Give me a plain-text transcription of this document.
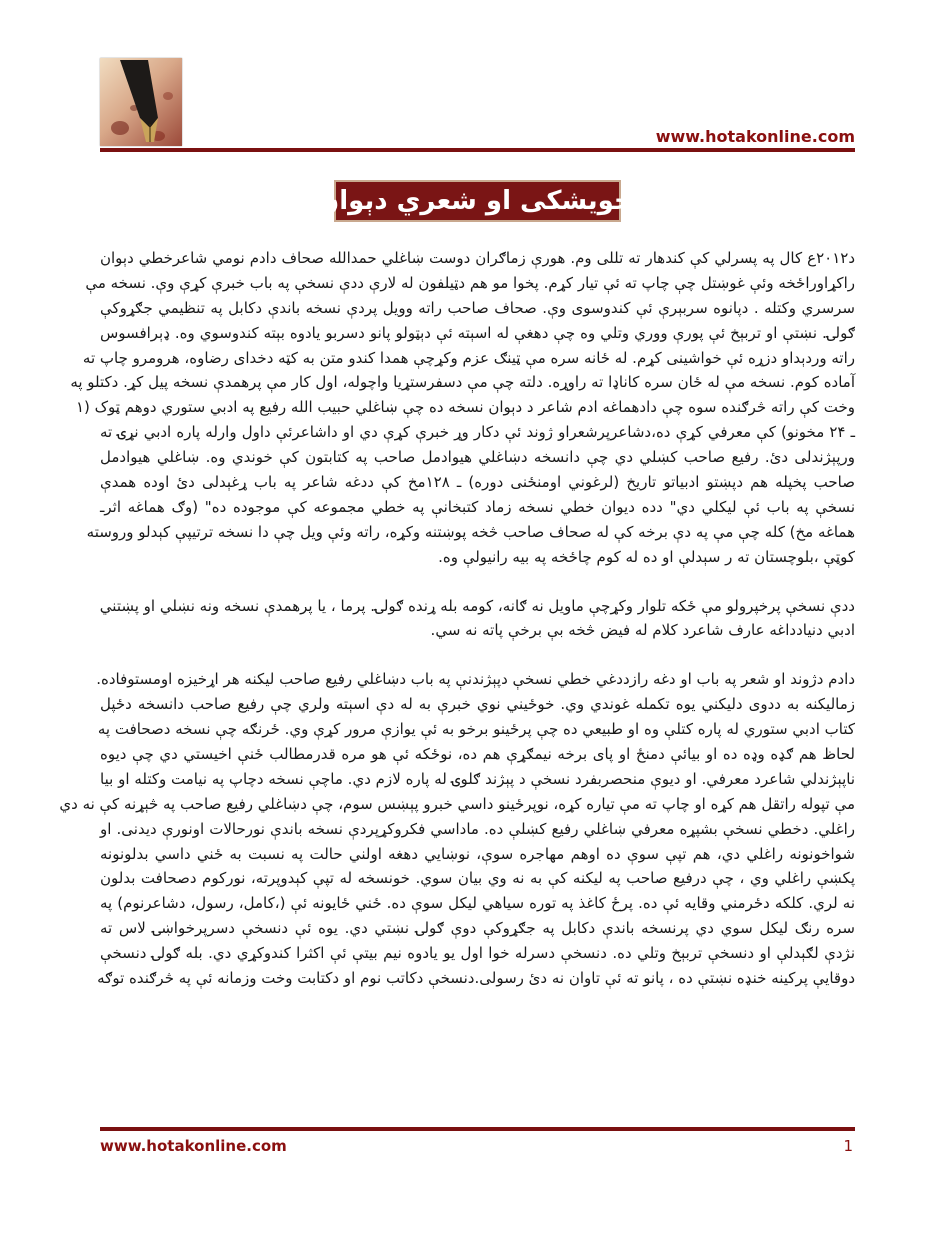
www.hotakonline.com
ادم خویشکی او شعري دېوان ئې
د۲۰۱۲ع کال په پسرلي کې کندهار ته تللی وم. هورې زماګران دوست ښاغلي حمدالله صحاف دادم نومي شاعرخطي دېوان
راکړاوراځخه وئې غوښتل چې چاپ ته ئې تیار کړم. پخوا مو هم دټیلفون له لارې ددې نسخې په باب خبرې کړې وې. نسخه مې
سرسري وکتله . دپانوه سربېرې ئې کندوسوی وې. صحاف صاحب راته وویل پردې نسخه باندې دکابل په تنظیمي جګړوکې
ګولۍ. نښتې او تربېخ ئې پورې ووري وتلي وه چې دهغې له اسېته ئې دېټولو پانو دسربو يادوه بېته کندوسوي وه. ډېرافسوس
راته وردېداو دزړه ئې خواشینی کړم. له ځانه سره مې ټینګ عزم وکړچې همدا کندو متن به کټه دخدای رضاوه، هرومرو چاپ ته
آماده کوم. نسخه مې له ځان سره کاناډا ته راوړه. دلته چې مې دسفرستړیا واچوله، اول کار مې پرهمدې نسخه پیل کړ. دکتلو په
وخت کې راته څرګنده سوه چې دادهماغه ادم شاعر د دېوان نسخه ده چې ښاغلي حبیب الله رفیع په ادبي ستوري دوهم ټوک (۱
ـ ۲۴ مخونو) کې معرفي کړې ده،دشاعرپرشعراو ژوند ئې دکار وړ خبرې کړې دي او داشاعرئې داول وارله پاره ادبي نړۍ ته
ورپېژندلی دئ. رفیع صاحب کښلي دي چې دانسخه دښاغلي هیوادمل صاحب په کتابتون کې خوندي وه. ښاغلي هیوادمل
صاحب پخپله هم دپښتو ادبیاتو تاریخ (لرغوني اومنځنی دوره) ـ ۱۲۸مخ کې ددغه شاعر په باب ړغېدلی دئ اوده همدې
نسخې په باب ئې لیکلي دي" دده دیوان خطي نسخه زماد کتبخانې په خطي مجموعه کې موجوده ده" (وګ هماغه اثرـ
هماغه مخ) کله چې مې په دې برخه کې له صحاف صاحب څخه پوښتنه وکړه، راته وئې ویل چې دا نسخه ترتیپې کېدلو وروسته
کوټې ،بلوچستان ته ر سېدلې او ده له کوم چاځخه په بیه رانیولې وه.
ددې نسخې پرخپرولو مې ځکه تلوار وکړچې ماویل نه ګانه، کومه بله ړنده ګولۍ. پرما ، یا پرهمدې نسخه ونه نښلي او پښتني
ادبي دنیادداغه عارف شاعرد کلام له فیض څخه بې برخې پاته نه سي.
دادم دژوند او شعر په باب او دغه رازددغي خطي نسخې دپېژندنې په باب دښاغلي رفیع صاحب لیکنه هر اړخیزه اومستوفاده.
زمالیکنه به ددوی دلیکني یوه تکمله غوندي وي. خوځیني نوي خبرې به له دې اسېته ولري چې رفیع صاحب دانسخه دځپل
کتاب ادبي ستوري له پاره کتلې وه او طبیعي ده چې پرځینو برخو به ئې یوازې مرور کړې وي. ځرنګه چې نسخه دصحافت په
لحاظ هم ګډه وډه ده او بیائې دمنځ او پای برخه نیمګړې هم ده، نوځکه ئې هو مره قدرمطالب ځنې اخیستي دي چې دیوه
ناپېژندلي شاعرد معرفي. او دیوې منحصربفرد نسخې د پېژند ګلوۍ له پاره لازم دي. ماچې نسخه دچاپ په نیامت وکتله او بیا
مې تپوله راتقل هم کړه او چاپ ته مې تیاره کړه، نوپرځینو داسي خبرو پېښس سوم، چې دښاغلي رفیع صاحب په څېړنه کې نه دي
راغلي. دخطي نسخې بشپړه معرفي ښاغلي رفیع کښلې ده. ماداسي فکروکړپردې نسخه باندې نورحالات اونورې دیدنی. او
شواخونونه راغلي دي، هم تپې سوې ده اوهم مهاجره سوې، نوښايي دهغه اولني حالت په نسبت به ځني داسي بدلونونه
پکښې راغلي وي ، چې درفیع صاحب په لیکنه کې به نه وي بیان سوي. خونسخه له تپې کېدوپرته، نورکوم دصحافت بدلون
نه لري. کلکه دځرمني وقایه ئې ده. پرځ کاغذ په توره سیاهي لیکل سوې ده. ځني ځایونه ئې (،کامل، رسول، دشاعرنوم) په
سره رنګ لیکل سوي دي پرنسخه باندې دکابل په جګړوکې دوې ګولۍ نښتي دي. یوه ئې دنسخې دسرپرخواښۍ لاس ته
نژدې لګېدلې او دنسخې تربېخ وتلي ده. دنسخې دسرله خوا اول یو یادوه نیم بیتې ئې اکثرا کندوکړي دي. بله ګولۍ دنسخې
دوقایې پرکینه خنډه نښتې ده ، پانو ته ئې تاوان نه دئ رسولی.دنسخې دکاتب نوم او دکتابت وخت وزمانه ئې په څرګنده توګه
www.hotakonline.com	1
